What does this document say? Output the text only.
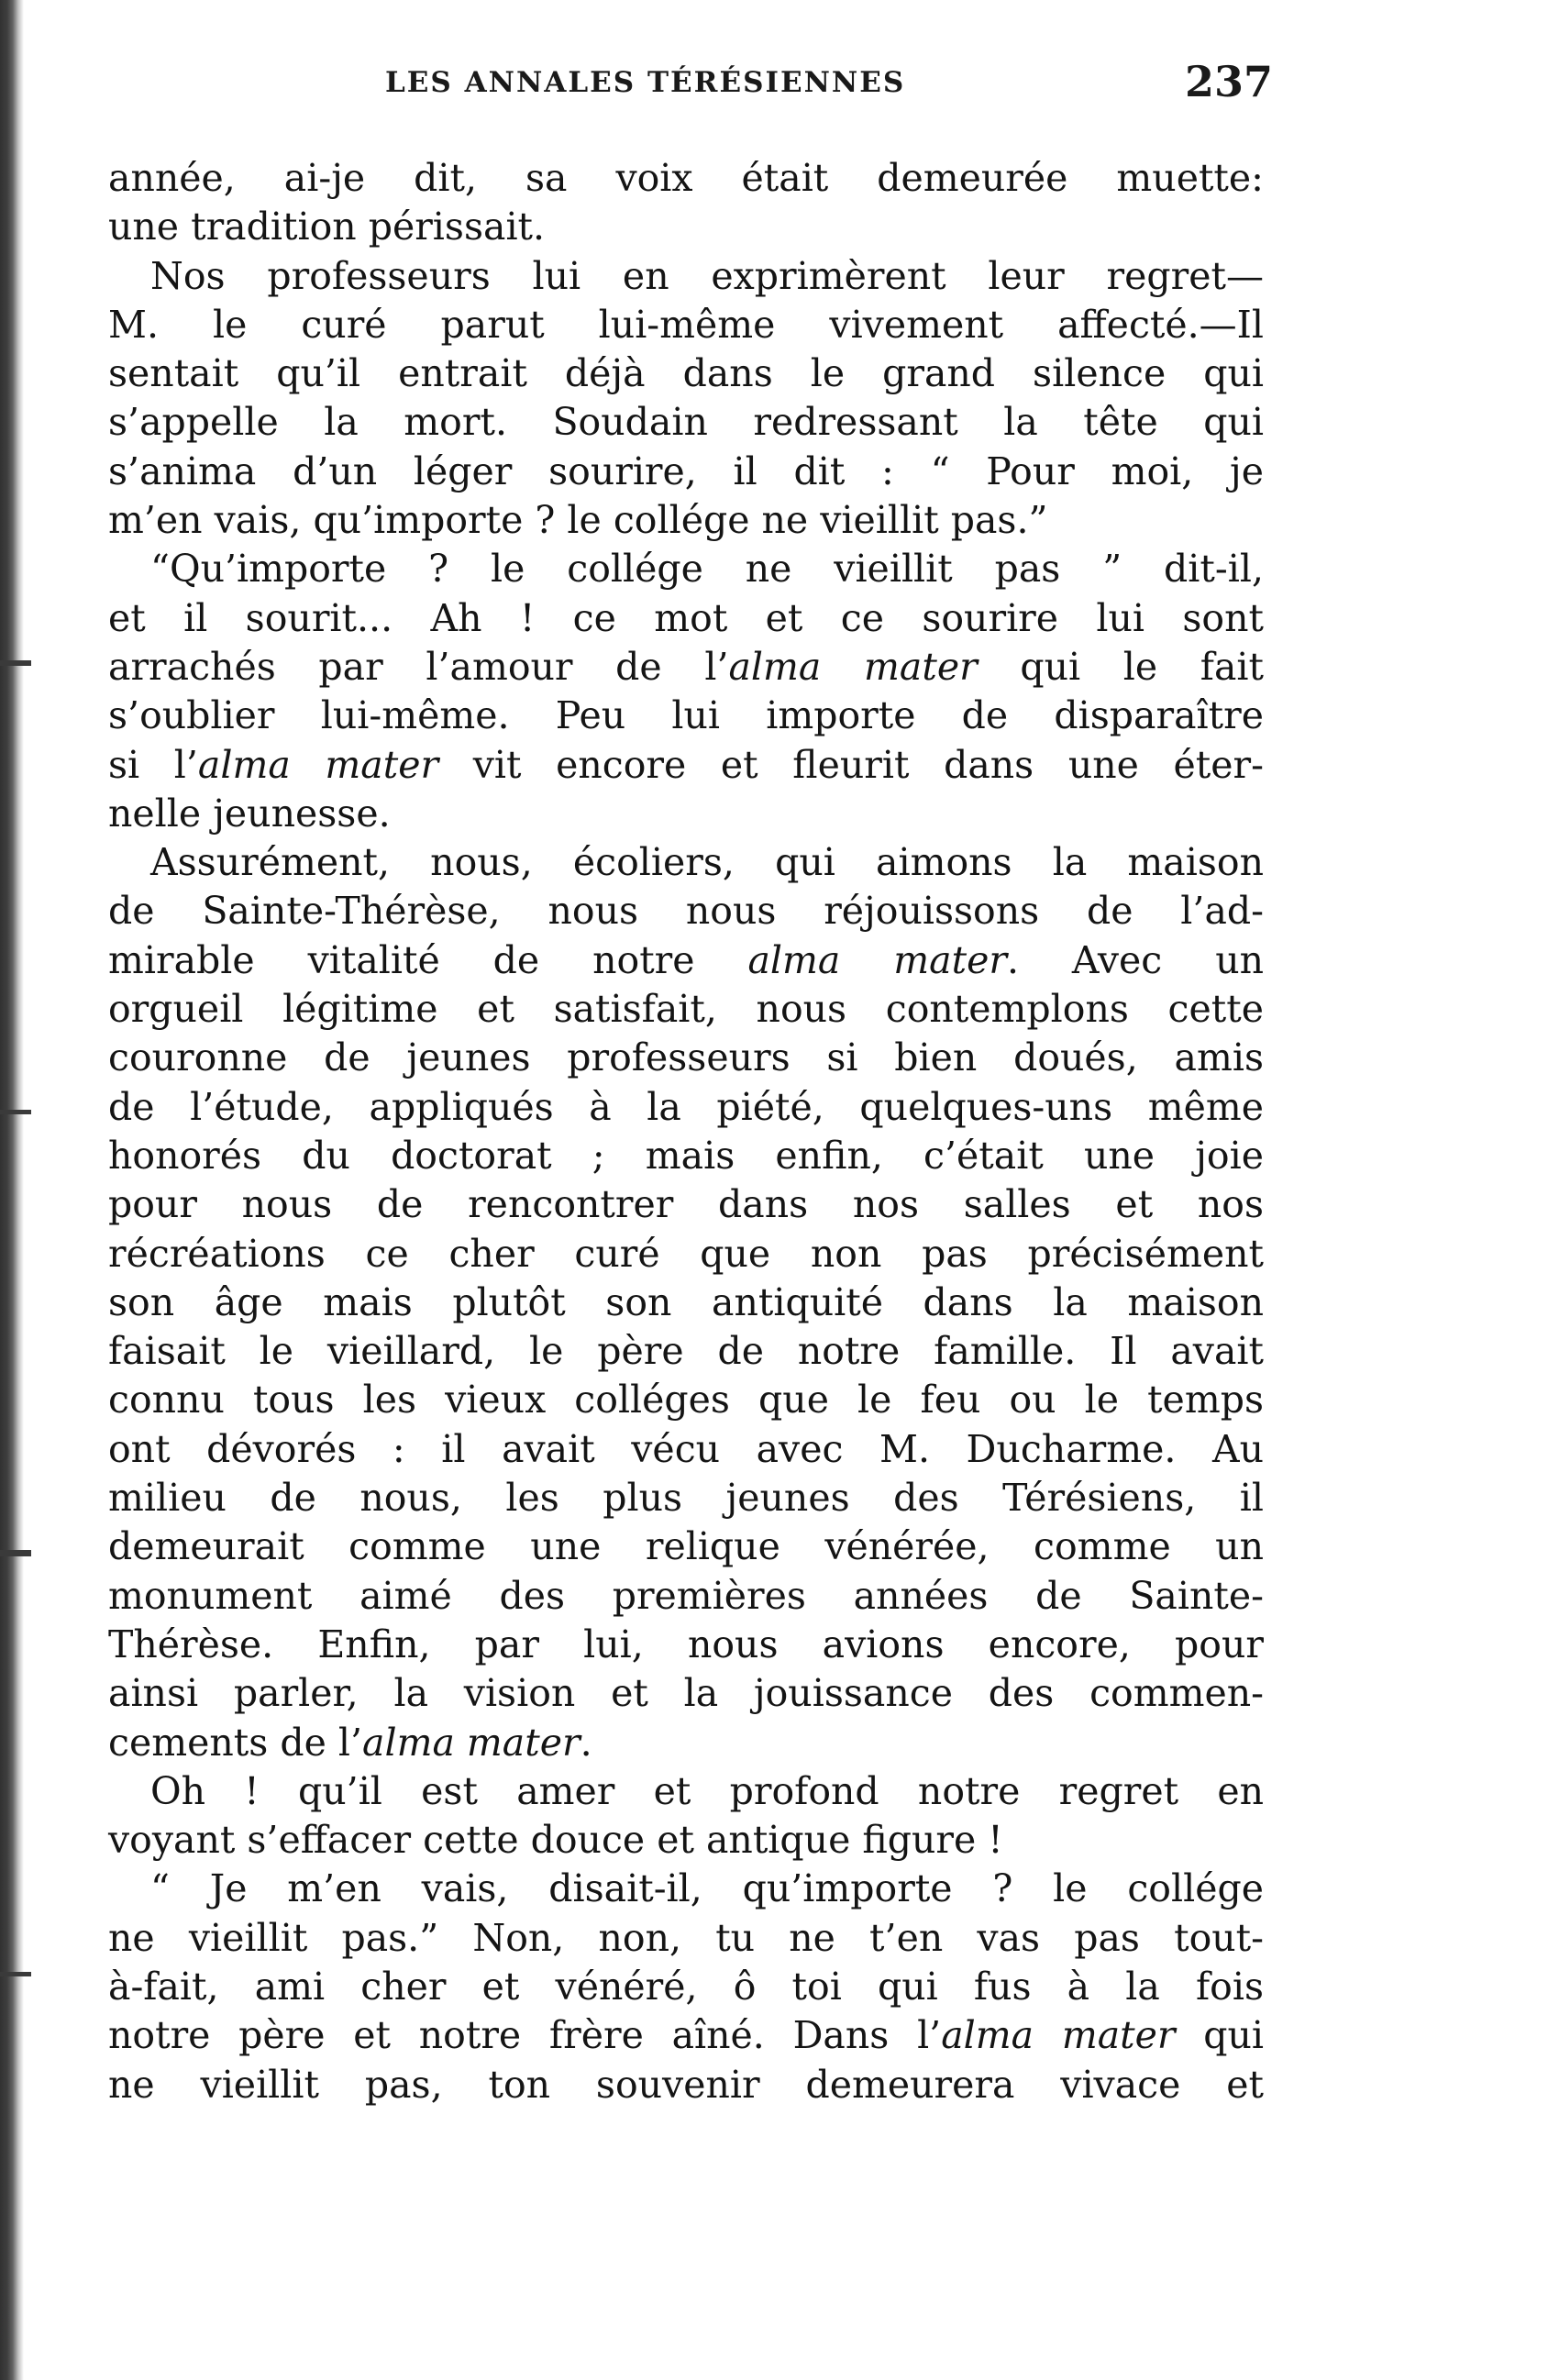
LES ANNALES TÉRÉSIENNES	237
année, ai-je dit, sa voix était demeurée muette:
une tradition périssait.
Nos professeurs lui en exprimèrent leur regret—
M. le curé parut lui-même vivement affecté.—Il
sentait qu’il entrait déjà dans le grand silence qui
s’appelle la mort. Soudain redressant la tête qui
s’anima d’un léger sourire, il dit : “ Pour moi, je
m’en vais, qu’importe ? le collége ne vieillit pas.”
“Qu’importe ? le collége ne vieillit pas ” dit-il,
et il sourit... Ah ! ce mot et ce sourire lui sont
arrachés par l’amour de l’alma mater qui le fait
s’oublier lui-même. Peu lui importe de disparaître
si l’alma mater vit encore et fleurit dans une éter-
nelle jeunesse.
Assurément, nous, écoliers, qui aimons la maison
de Sainte-Thérèse, nous nous réjouissons de l’ad-
mirable vitalité de notre alma mater. Avec un
orgueil légitime et satisfait, nous contemplons cette
couronne de jeunes professeurs si bien doués, amis
de l’étude, appliqués à la piété, quelques-uns même
honorés du doctorat ; mais enfin, c’était une joie
pour nous de rencontrer dans nos salles et nos
récréations ce cher curé que non pas précisément
son âge mais plutôt son antiquité dans la maison
faisait le vieillard, le père de notre famille. Il avait
connu tous les vieux colléges que le feu ou le temps
ont dévorés : il avait vécu avec M. Ducharme. Au
milieu de nous, les plus jeunes des Térésiens, il
demeurait comme une relique vénérée, comme un
monument aimé des premières années de Sainte-
Thérèse. Enfin, par lui, nous avions encore, pour
ainsi parler, la vision et la jouissance des commen-
cements de l’alma mater.
Oh ! qu’il est amer et profond notre regret en
voyant s’effacer cette douce et antique figure !
“ Je m’en vais, disait-il, qu’importe ? le collége
ne vieillit pas.” Non, non, tu ne t’en vas pas tout-
à-fait, ami cher et vénéré, ô toi qui fus à la fois
notre père et notre frère aîné. Dans l’alma mater qui
ne vieillit pas, ton souvenir demeurera vivace et
